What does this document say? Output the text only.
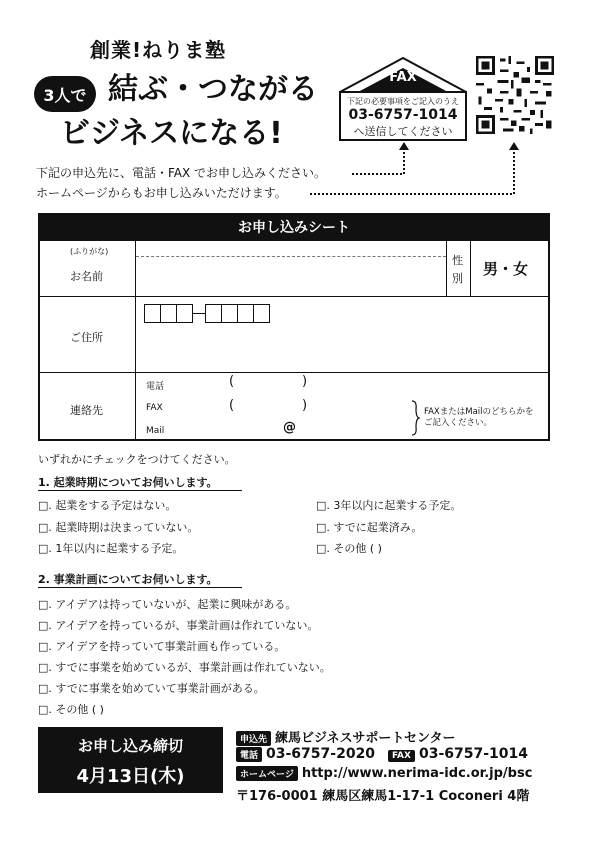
創業!ねりま塾
3人で 結ぶ・つながる
ビジネスになる!
FAX
下記の必要事項をご記入のうえ
03-6757-1014
へ送信してください
下記の申込先に、電話・FAX でお申し込みください。
ホームページからもお申し込みいただけます。
お申し込みシート
(ふりがな)
お名前
性
別
男・女
ご住所
連絡先
電話	(	)
FAX	(	)
Mail	@
FAXまたはMailのどちらかを
ご記入ください。
いずれかにチェックをつけてください。
1. 起業時期についてお伺いします。
□. 起業をする予定はない。
□. 起業時期は決まっていない。
□. 1年以内に起業する予定。
□. 3年以内に起業する予定。
□. すでに起業済み。
□. その他 ( )
2. 事業計画についてお伺いします。
□. アイデアは持っていないが、起業に興味がある。
□. アイデアを持っているが、事業計画は作れていない。
□. アイデアを持っていて事業計画も作っている。
□. すでに事業を始めているが、事業計画は作れていない。
□. すでに事業を始めていて事業計画がある。
□. その他 ( )
お申し込み締切
4月13日(木)
申込先 練馬ビジネスサポートセンター
電話 03-6757-2020 FAX 03-6757-1014
ホームページ http://www.nerima-idc.or.jp/bsc
〒176-0001 練馬区練馬1-17-1 Coconeri 4階
